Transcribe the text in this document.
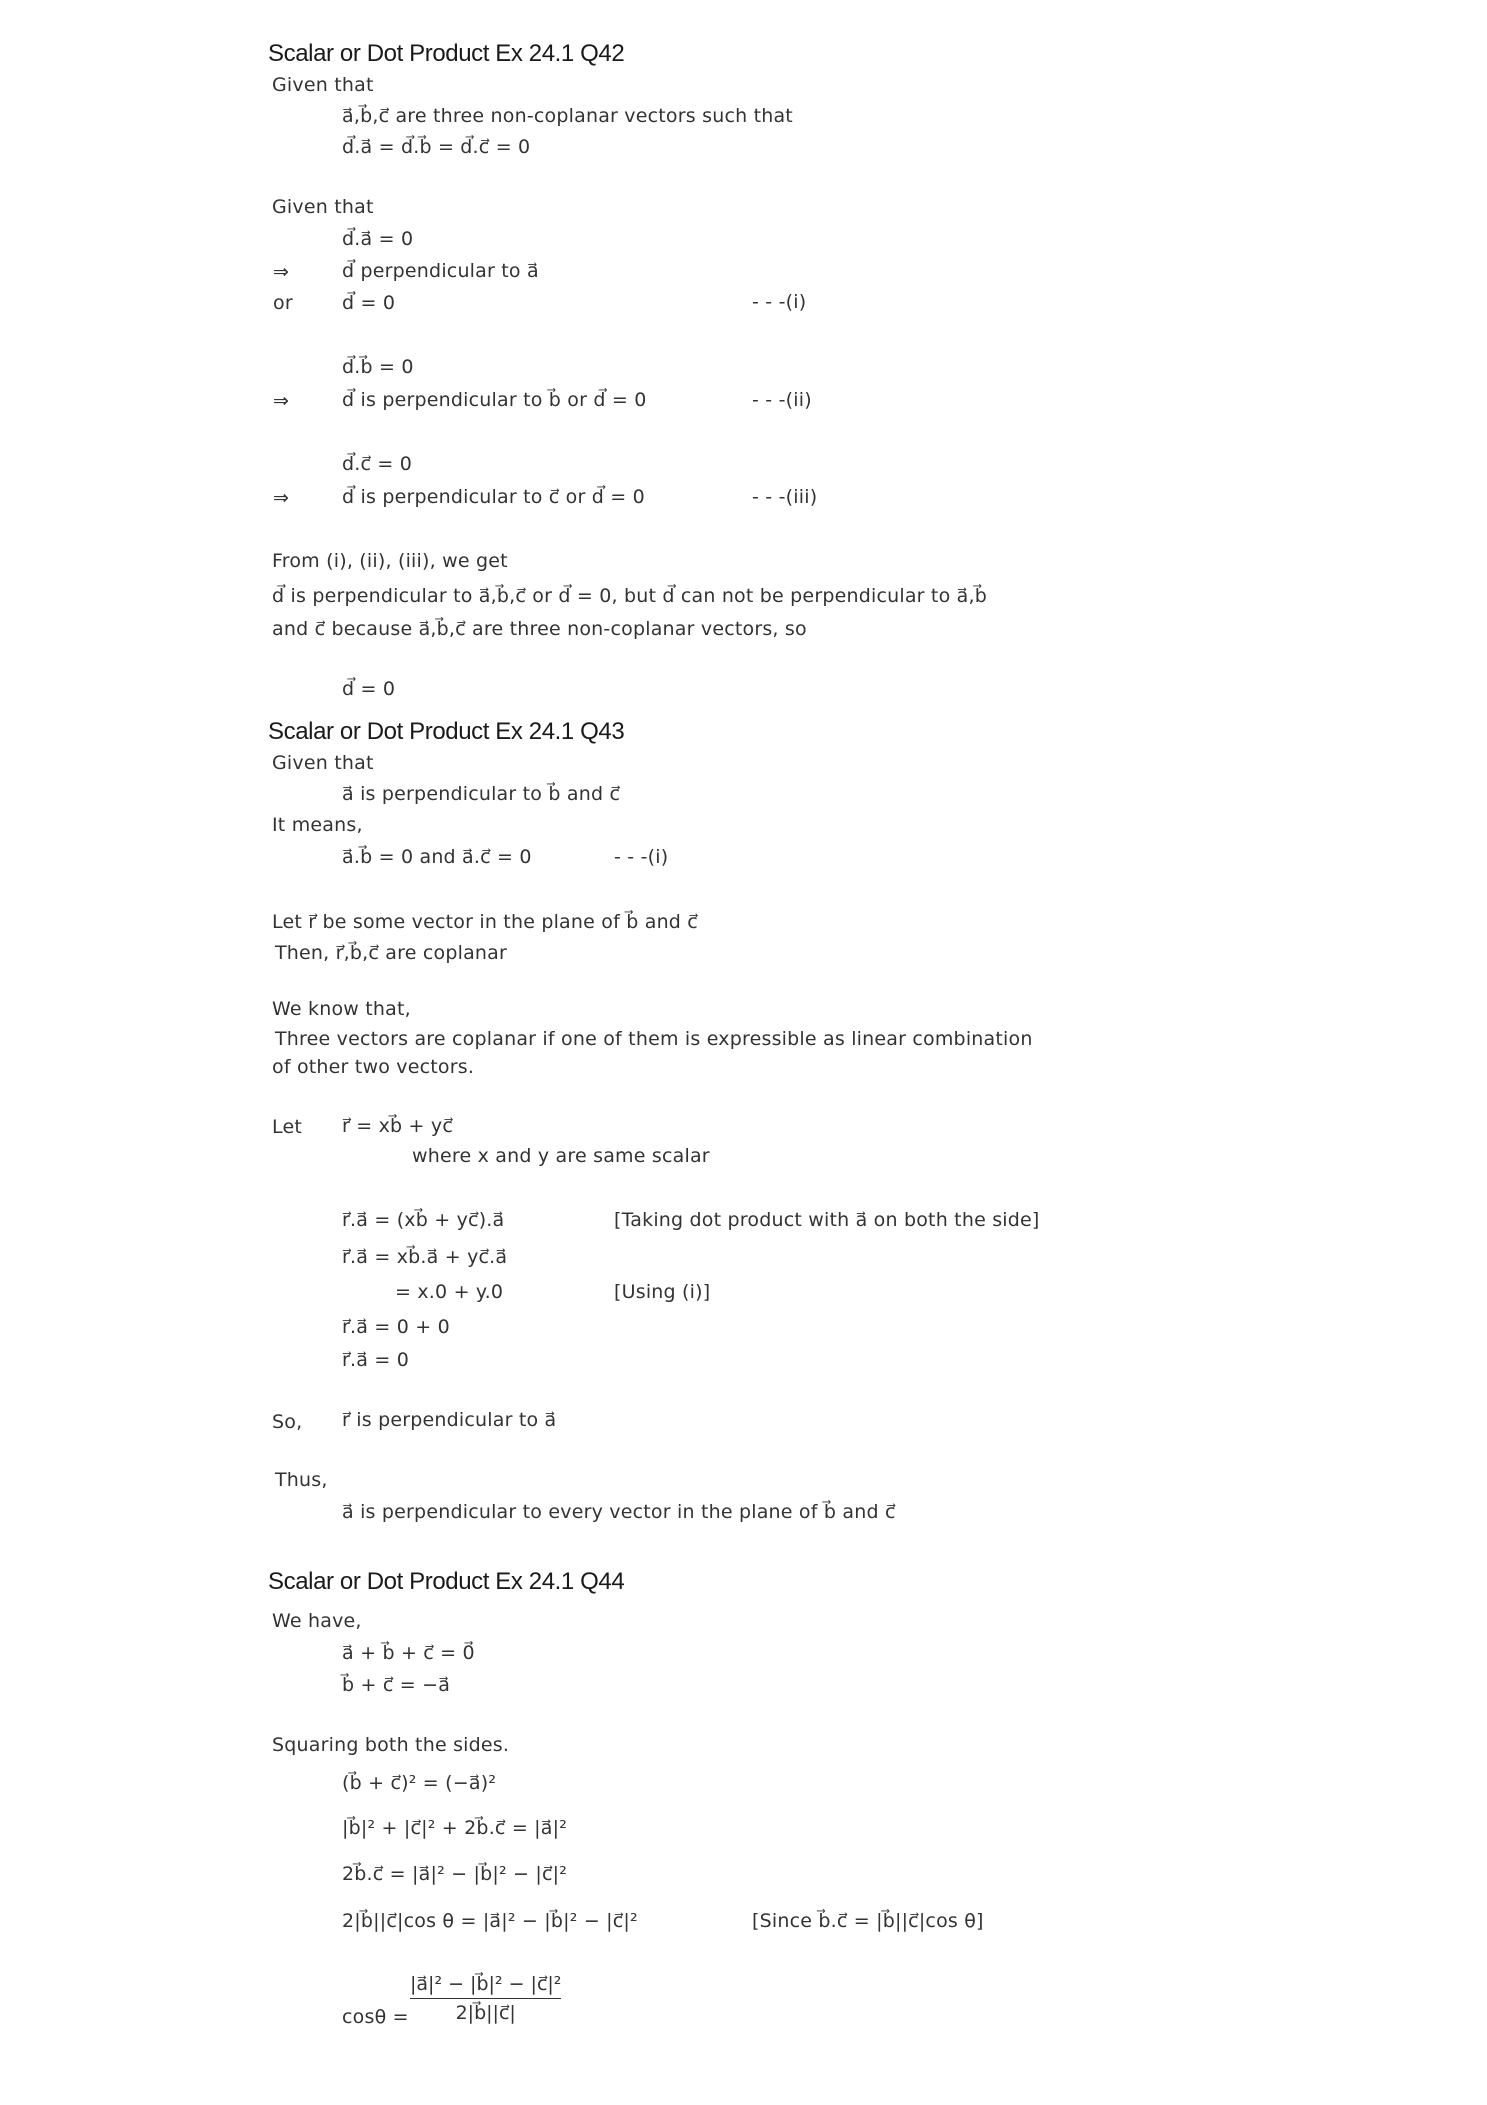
Scalar or Dot Product Ex 24.1 Q42
Given that
a⃗,b⃗,c⃗ are three non-coplanar vectors such that
d⃗.a⃗ = d⃗.b⃗ = d⃗.c⃗ = 0
Given that
d⃗.a⃗ = 0
⇒	d⃗ perpendicular to a⃗
or	d⃗ = 0	- - -(i)
d⃗.b⃗ = 0
⇒	d⃗ is perpendicular to b⃗ or d⃗ = 0	- - -(ii)
d⃗.c⃗ = 0
⇒	d⃗ is perpendicular to c⃗ or d⃗ = 0	- - -(iii)
From (i), (ii), (iii), we get
d⃗ is perpendicular to a⃗,b⃗,c⃗ or d⃗ = 0, but d⃗ can not be perpendicular to a⃗,b⃗
and c⃗ because a⃗,b⃗,c⃗ are three non-coplanar vectors, so
d⃗ = 0
Scalar or Dot Product Ex 24.1 Q43
Given that
a⃗ is perpendicular to b⃗ and c⃗
It means,
a⃗.b⃗ = 0 and a⃗.c⃗ = 0	- - -(i)
Let r⃗ be some vector in the plane of b⃗ and c⃗
Then, r⃗,b⃗,c⃗ are coplanar
We know that,
Three vectors are coplanar if one of them is expressible as linear combination
of other two vectors.
Let r⃗ = xb⃗ + yc⃗
where x and y are same scalar
r⃗.a⃗ = (xb⃗ + yc⃗).a⃗	[Taking dot product with a⃗ on both the side]
r⃗.a⃗ = xb⃗.a⃗ + yc⃗.a⃗
= x.0 + y.0	[Using (i)]
r⃗.a⃗ = 0 + 0
r⃗.a⃗ = 0
So, r⃗ is perpendicular to a⃗
Thus,
a⃗ is perpendicular to every vector in the plane of b⃗ and c⃗
Scalar or Dot Product Ex 24.1 Q44
We have,
a⃗ + b⃗ + c⃗ = 0⃗
b⃗ + c⃗ = −a⃗
Squaring both the sides.
(b⃗ + c⃗)² = (−a⃗)²
|b⃗|² + |c⃗|² + 2b⃗.c⃗ = |a⃗|²
2b⃗.c⃗ = |a⃗|² − |b⃗|² − |c⃗|²
2|b⃗||c⃗|cos θ = |a⃗|² − |b⃗|² − |c⃗|²	[Since b⃗.c⃗ = |b⃗||c⃗|cos θ]
cosθ =
|a⃗|² − |b⃗|² − |c⃗|²
2|b⃗||c⃗|
